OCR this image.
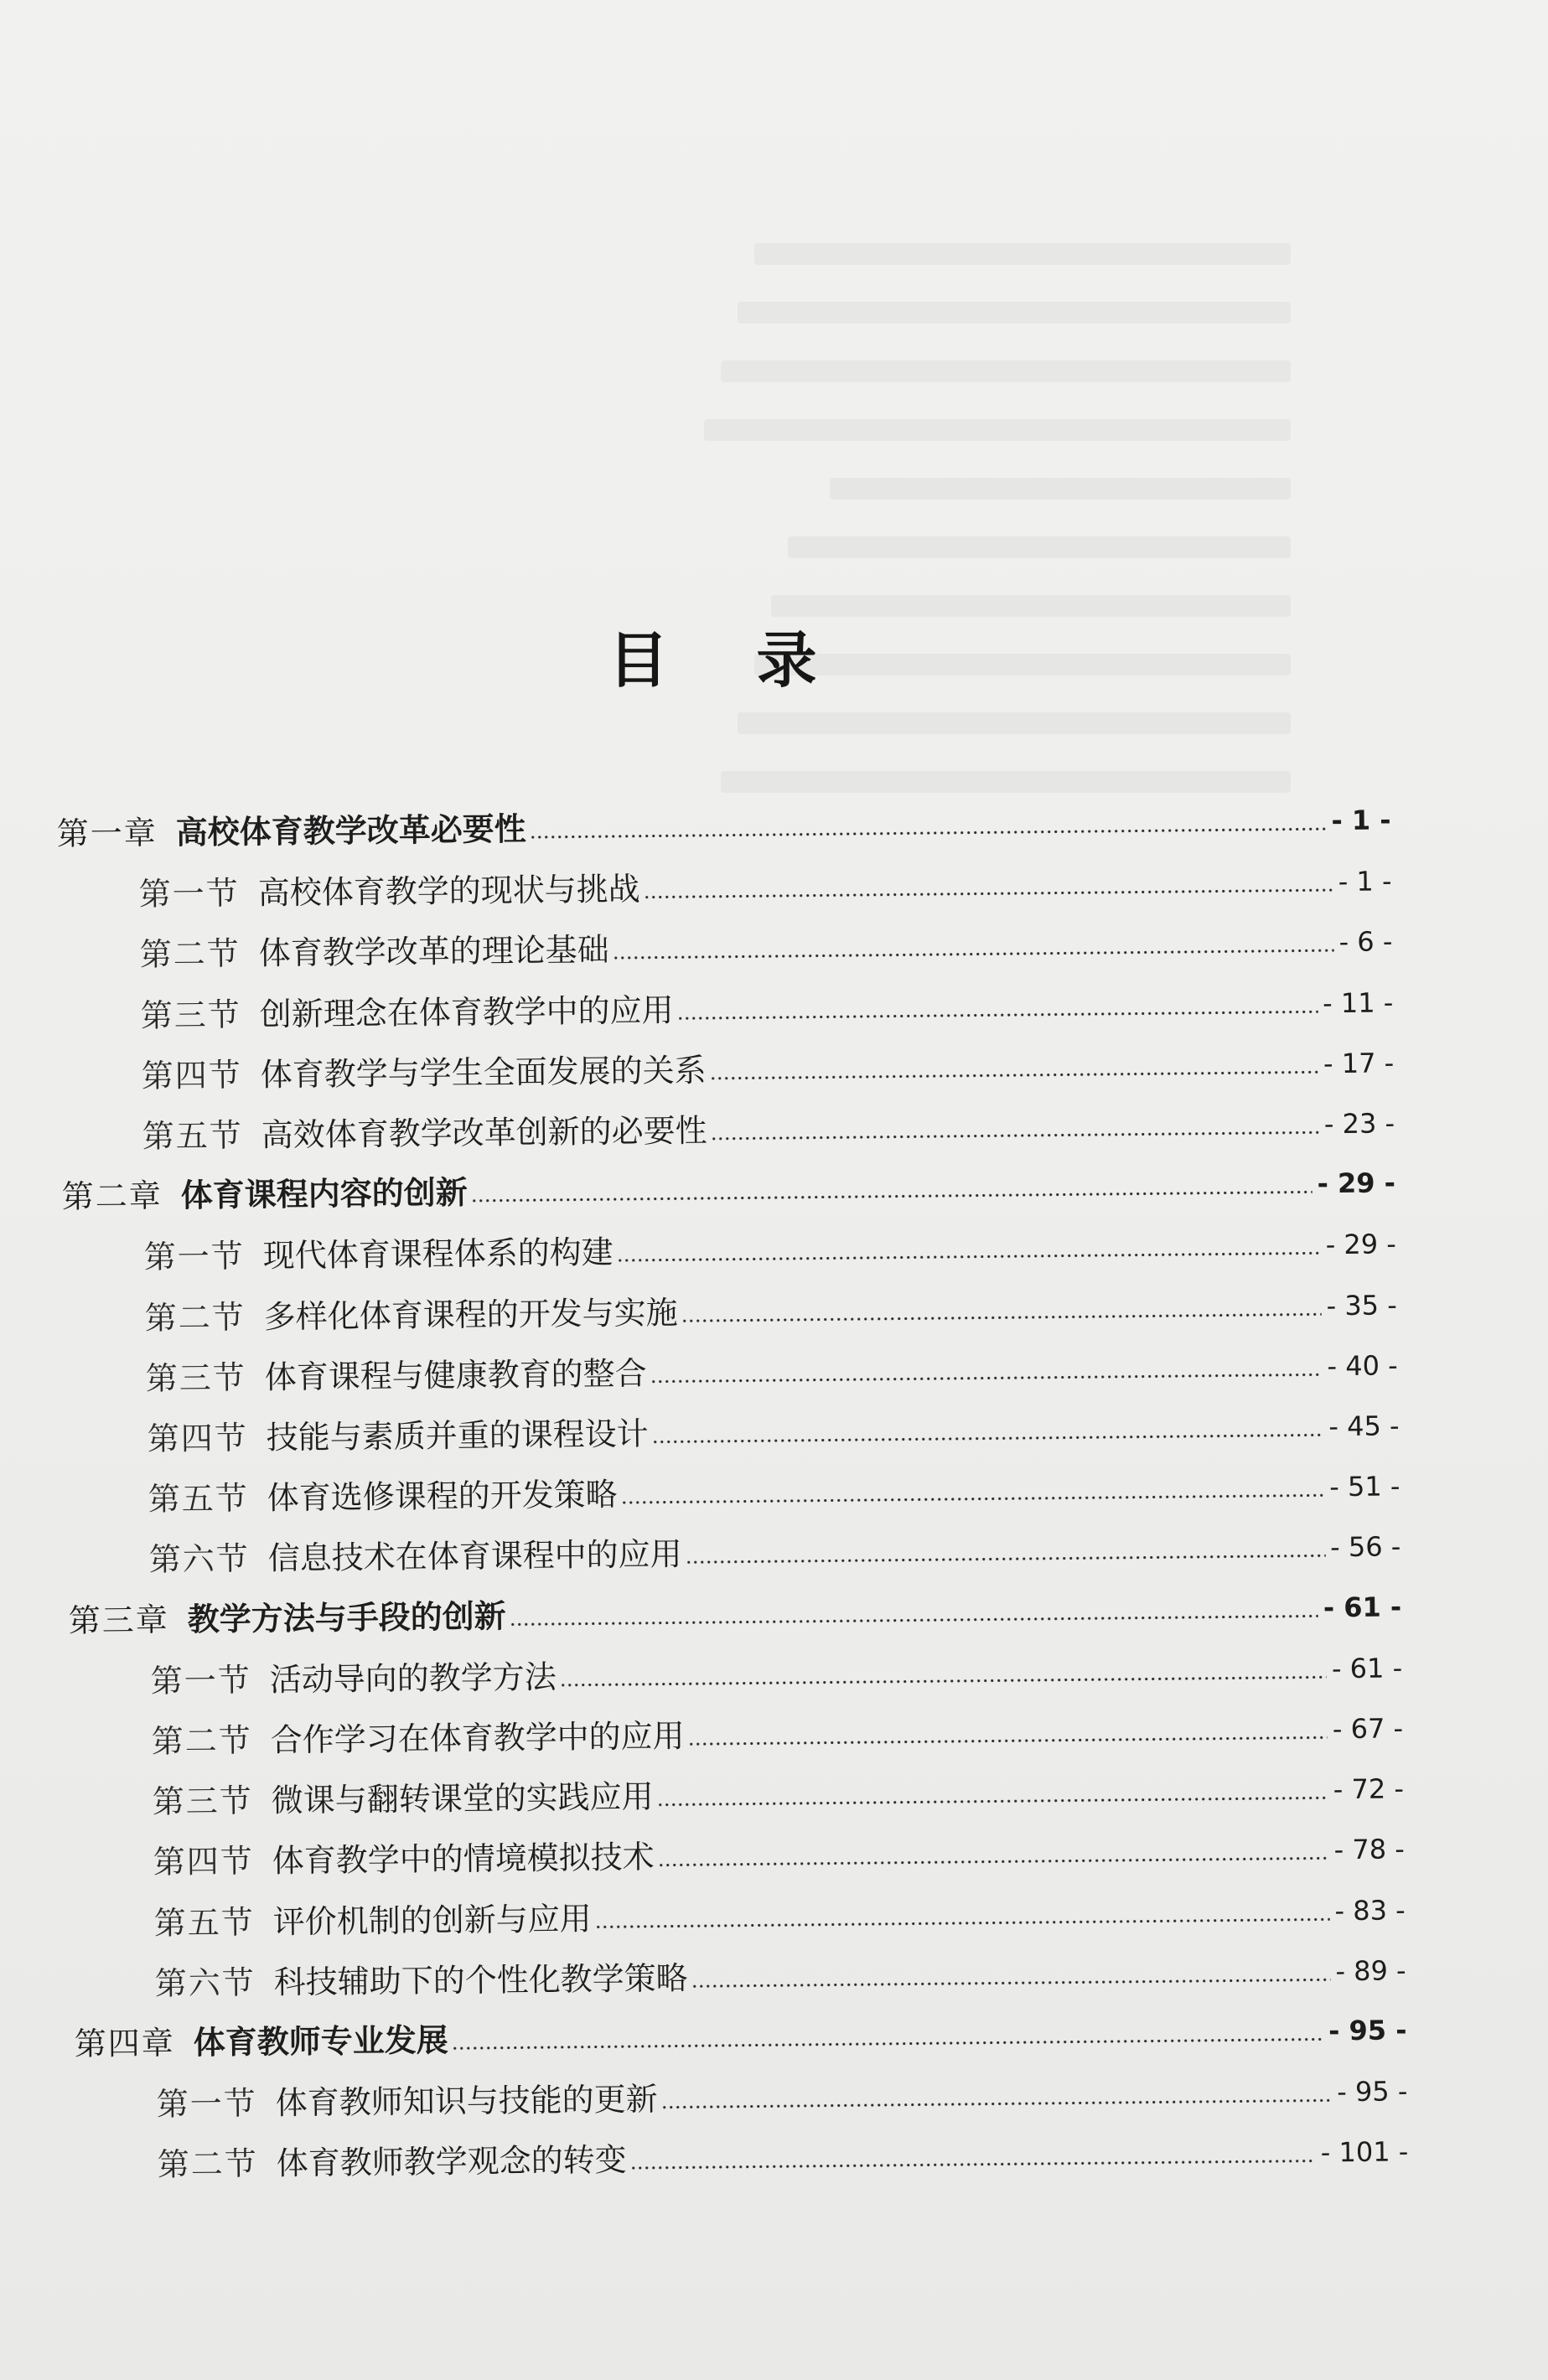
目 录
第一章 高校体育教学改革必要性	- 1 -
第一节 高校体育教学的现状与挑战	- 1 -
第二节 体育教学改革的理论基础	- 6 -
第三节 创新理念在体育教学中的应用	- 11 -
第四节 体育教学与学生全面发展的关系	- 17 -
第五节 高效体育教学改革创新的必要性	- 23 -
第二章 体育课程内容的创新	- 29 -
第一节 现代体育课程体系的构建	- 29 -
第二节 多样化体育课程的开发与实施	- 35 -
第三节 体育课程与健康教育的整合	- 40 -
第四节 技能与素质并重的课程设计	- 45 -
第五节 体育选修课程的开发策略	- 51 -
第六节 信息技术在体育课程中的应用	- 56 -
第三章 教学方法与手段的创新	- 61 -
第一节 活动导向的教学方法	- 61 -
第二节 合作学习在体育教学中的应用	- 67 -
第三节 微课与翻转课堂的实践应用	- 72 -
第四节 体育教学中的情境模拟技术	- 78 -
第五节 评价机制的创新与应用	- 83 -
第六节 科技辅助下的个性化教学策略	- 89 -
第四章 体育教师专业发展	- 95 -
第一节 体育教师知识与技能的更新	- 95 -
第二节 体育教师教学观念的转变	- 101 -
